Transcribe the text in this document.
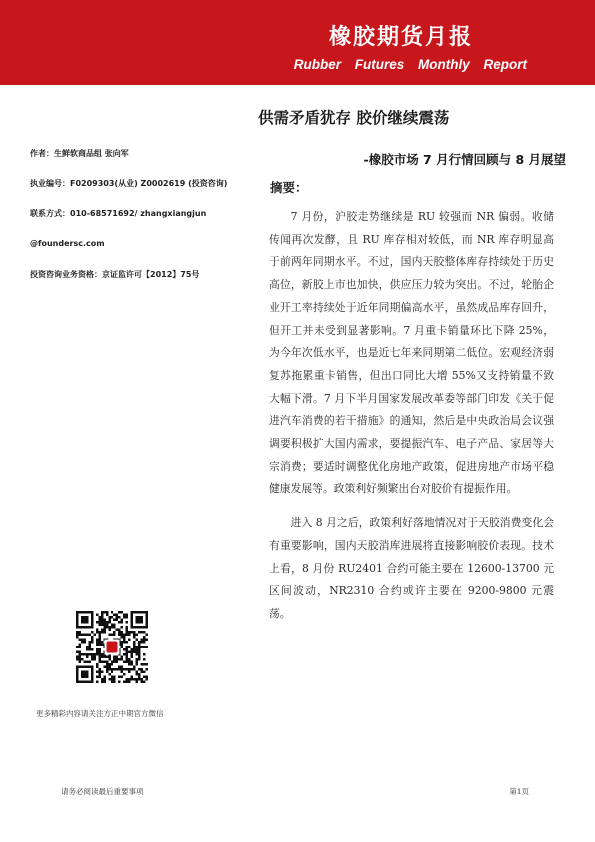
橡胶期货月报
Rubber Futures Monthly Report
供需矛盾犹存 胶价继续震荡
-橡胶市场 7 月行情回顾与 8 月展望
作者：生鲜软商品组 张向军
执业编号：F0209303(从业) Z0002619 (投资咨询)
联系方式：010-68571692/ zhangxiangjun
@foundersc.com
投资咨询业务资格：京证监许可【2012】75号
摘要：

7 月份，沪胶走势继续是 RU 较强而 NR 偏弱。收储传闻再次发酵，且 RU 库存相对较低，而 NR 库存明显高于前两年同期水平。不过，国内天胶整体库存持续处于历史高位，新胶上市也加快，供应压力较为突出。不过，轮胎企业开工率持续处于近年同期偏高水平，虽然成品库存回升，但开工并未受到显著影响。7 月重卡销量环比下降 25%，为今年次低水平，也是近七年来同期第二低位。宏观经济弱复苏拖累重卡销售，但出口同比大增 55%又支持销量不致大幅下滑。7 月下半月国家发展改革委等部门印发《关于促进汽车消费的若干措施》的通知，然后是中央政治局会议强调要积极扩大国内需求，要提振汽车、电子产品、家居等大宗消费；要适时调整优化房地产政策，促进房地产市场平稳健康发展等。政策利好频繁出台对胶价有提振作用。

进入 8 月之后，政策利好落地情况对于天胶消费变化会有重要影响，国内天胶消库进展将直接影响胶价表现。技术上看，8 月份 RU2401 合约可能主要在 12600-13700 元区间波动，NR2310 合约或许主要在 9200-9800 元震荡。

更多精彩内容请关注方正中期官方微信
请务必阅读最后重要事项	第1页
